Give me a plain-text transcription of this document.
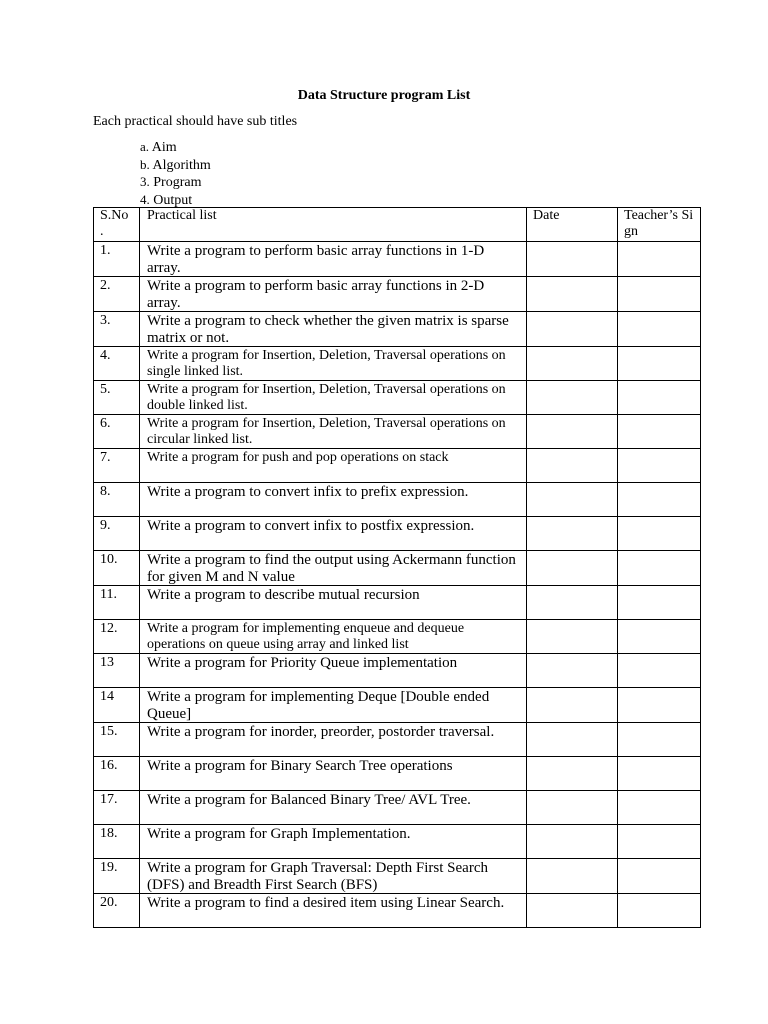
Data Structure program List
Each practical should have sub titles
a. Aim
b. Algorithm
3. Program
4. Output
S.No .	Practical list	Date	Teacher’s Sign

1.	Write a program to perform basic array functions in 1-D array.		

2.	Write a program to perform basic array functions in 2-D array.		

3.	Write a program to check whether the given matrix is sparse matrix or not.		

4.	Write a program for Insertion, Deletion, Traversal operations on single linked list.		

5.	Write a program for Insertion, Deletion, Traversal operations on double linked list.		

6.	Write a program for Insertion, Deletion, Traversal operations on circular linked list.		

7.	Write a program for push and pop operations on stack		

8.	Write a program to convert infix to prefix expression.		

9.	Write a program to convert infix to postfix expression.		

10.	Write a program to find the output using Ackermann function for given M and N value		

11.	Write a program to describe mutual recursion		

12.	Write a program for implementing enqueue and dequeue operations on queue using array and linked list		

13	Write a program for Priority Queue implementation		

14	Write a program for implementing Deque [Double ended Queue]		

15.	Write a program for inorder, preorder, postorder traversal.		

16.	Write a program for Binary Search Tree operations		

17.	Write a program for Balanced Binary Tree/ AVL Tree.		

18.	Write a program for Graph Implementation.		

19.	Write a program for Graph Traversal: Depth First Search (DFS) and Breadth First Search (BFS)		

20.	Write a program to find a desired item using Linear Search.		
